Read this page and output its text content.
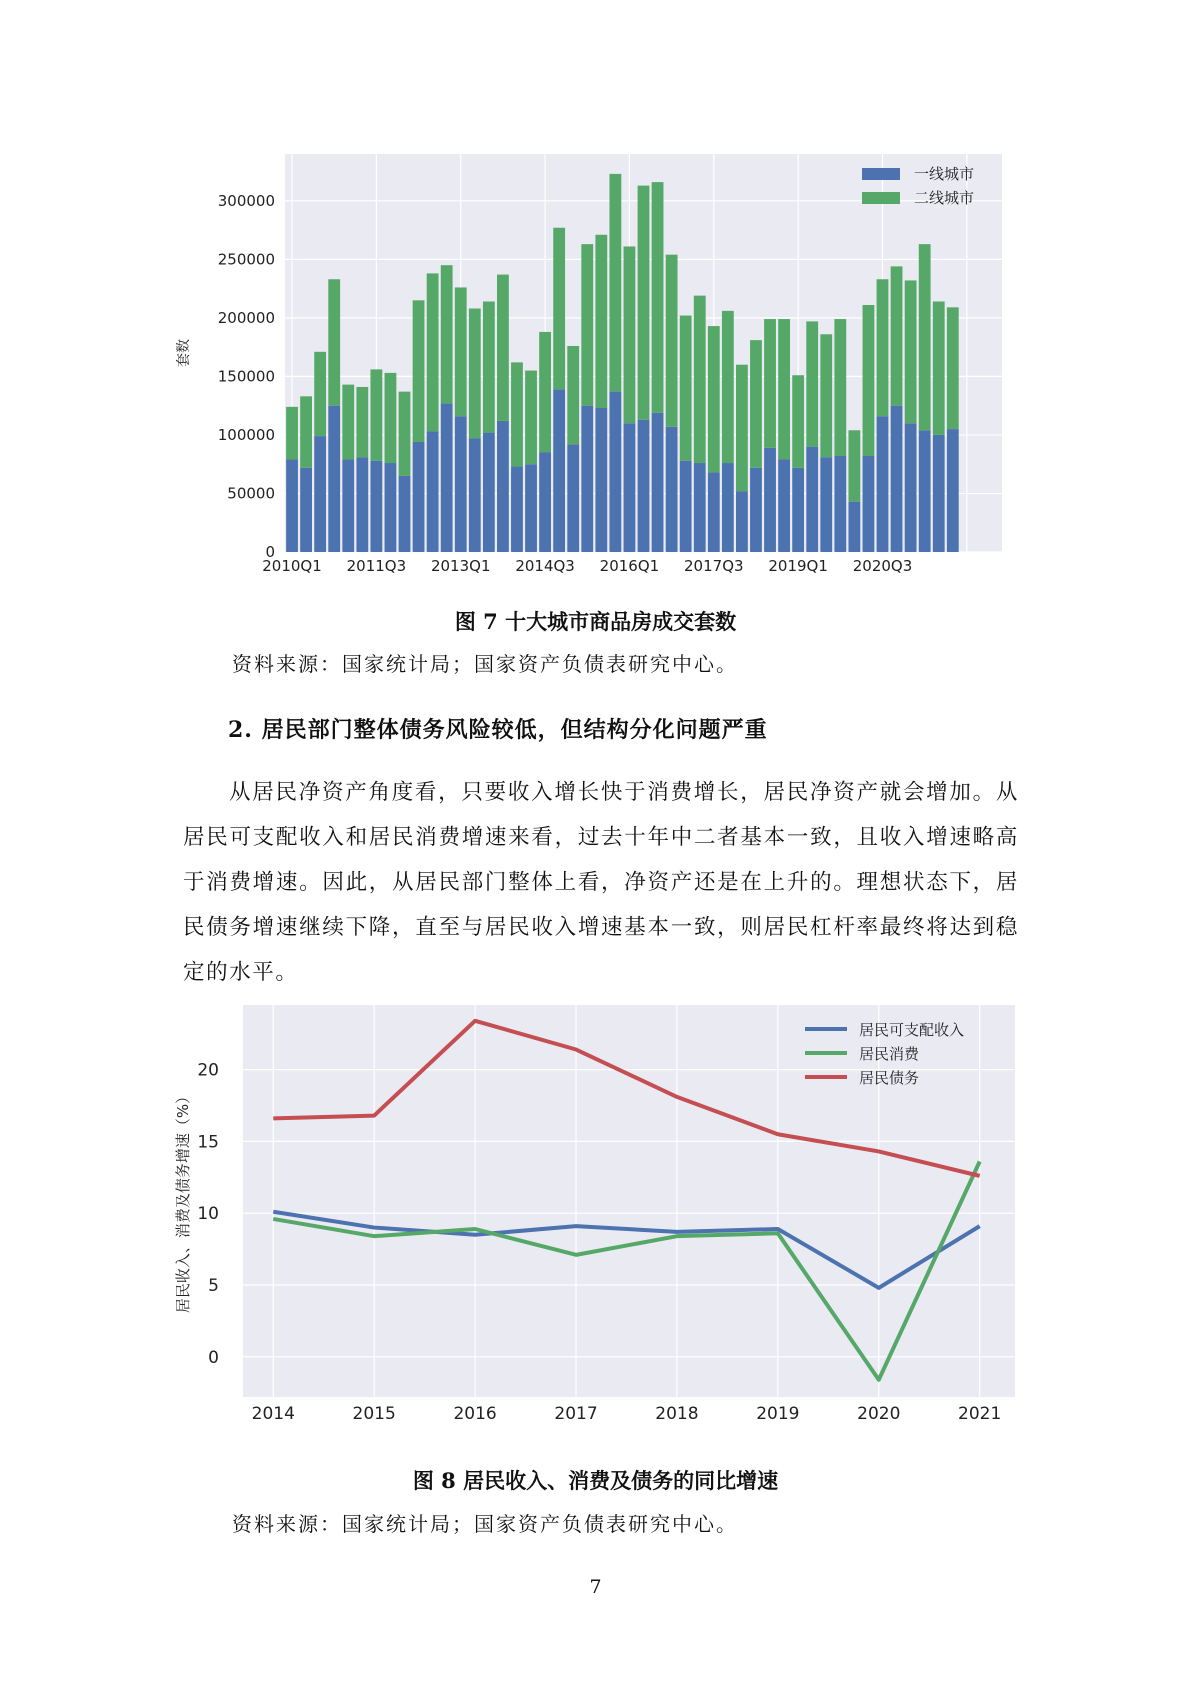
0
50000
100000
150000
200000
250000
300000
2010Q1 2011Q3 2013Q1 2014Q3 2016Q1 2017Q3 2019Q1 2020Q3
套数
一线城市
二线城市
图 7 十大城市商品房成交套数
资料来源：国家统计局；国家资产负债表研究中心。
2. 居民部门整体债务风险较低，但结构分化问题严重
从居民净资产角度看，只要收入增长快于消费增长，居民净资产就会增加。从居民可支配收入和居民消费增速来看，过去十年中二者基本一致，且收入增速略高于消费增速。因此，从居民部门整体上看，净资产还是在上升的。理想状态下，居民债务增速继续下降，直至与居民收入增速基本一致，则居民杠杆率最终将达到稳定的水平。
2014	2015	2016	2017	2018	2019	2020	2021
0
5
10
15
20
居民收入、消费及债务增速（%）
居民可支配收入
居民消费
居民债务
图 8 居民收入、消费及债务的同比增速
资料来源：国家统计局；国家资产负债表研究中心。
7
